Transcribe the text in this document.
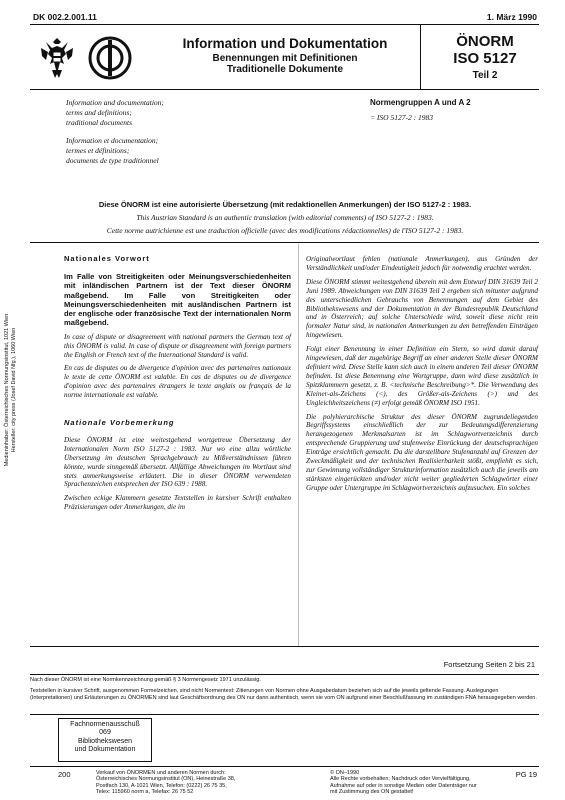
DK 002.2.001.11	1. März 1990
Information und Dokumentation
Benennungen mit Definitionen
Traditionelle Dokumente
ÖNORM
ISO 5127
Teil 2
Information and documentation;
terms and definitions;
traditional documents
Information et documentation;
termes et définitions;
documents de type traditionnel
Normengruppen A und A 2
= ISO 5127-2 : 1983
Diese ÖNORM ist eine autorisierte Übersetzung (mit redaktionellen Anmerkungen) der ISO 5127-2 : 1983.
This Austrian Standard is an authentic translation (with editorial comments) of ISO 5127-2 : 1983.
Cette norme autrichienne est une traduction officielle (avec des modifications rédactionnelles) de l'ISO 5127-2 : 1983.
Medieninhaber: Österreichisches Normungsinstitut, 1021 Wien Hersteller: city press (Josef David Nfg.), 1060 Wien
Nationales Vorwort

Im Falle von Streitigkeiten oder Meinungsverschiedenheiten mit inländischen Partnern ist der Text dieser ÖNORM maßgebend. Im Falle von Streitigkeiten oder Meinungsverschiedenheiten mit ausländischen Partnern ist der englische oder französische Text der internationalen Norm maßgebend.

In case of dispute or disagreement with national partners the German text of this ÖNORM is valid. In case of dispute or disagreement with foreign partners the English or French text of the International Standard is valid.

En cas de disputes ou de divergence d'opinion avec des partenaires nationaux le texte de cette ÖNORM est valable. En cas de disputes ou de divergence d'opinion avec des partenaires étrangers le texte anglais ou français de la norme internationale est valable.

Nationale Vorbemerkung

Diese ÖNORM ist eine weitestgehend wortgetreue Übersetzung der Internationalen Norm ISO 5127-2 : 1983. Nur wo eine allzu wörtliche Übersetzung im deutschen Sprachgebrauch zu Mißverständnissen führen könnte, wurde sinngemäß übersetzt. Allfällige Abweichungen im Wortlaut sind stets anmerkungsweise erläutert. Die in dieser ÖNORM verwendeten Sprachenzeichen entsprechen der ISO 639 : 1988.

Zwischen eckige Klammern gesetzte Textstellen in kursiver Schrift enthalten Präzisierungen oder Anmerkungen, die im

Originalwortlaut fehlen (nationale Anmerkungen), aus Gründen der Verständlichkeit und/oder Eindeutigkeit jedoch für notwendig erachtet werden.

Diese ÖNORM stimmt weitestgehend überein mit dem Entwurf DIN 31639 Teil 2 Juni 1989. Abweichungen von DIN 31639 Teil 2 ergeben sich mitunter aufgrund des unterschiedlichen Gebrauchs von Benennungen auf dem Gebiet des Bibliothekswesens und der Dokumentation in der Bundesrepublik Deutschland und in Österreich; auf solche Unterschiede wird, soweit diese nicht rein formaler Natur sind, in nationalen Anmerkungen zu den betreffenden Einträgen hingewiesen.

Folgt einer Benennung in einer Definition ein Stern, so wird damit darauf hingewiesen, daß der zugehörige Begriff an einer anderen Stelle dieser ÖNORM definiert wird. Diese Stelle kann sich auch in einem anderen Teil dieser ÖNORM befinden. Ist diese Benennung eine Wortgruppe, dann wird diese zusätzlich in Spitzklammern gesetzt, z. B. <technische Beschreibung>*. Die Verwendung des Kleiner-als-Zeichens (<), des Größer-als-Zeichens (>) und des Ungleichheitszeichens (≠) erfolgt gemäß ÖNORM ISO 1951.

Die polyhierarchische Struktur des dieser ÖNORM zugrundeliegenden Begriffssystems einschließlich der zur Bedeutungsdifferenzierung herangezogenen Merkmalsarten ist im Schlagwortverzeichnis durch entsprechende Gruppierung und stufenweise Einrückung der deutschsprachigen Einträge ersichtlich gemacht. Da die darstellbare Stufenanzahl auf Grenzen der Zweckmäßigkeit und der technischen Realisierbarkeit stößt, empfiehlt es sich, zur Gewinnung vollständiger Strukturinformation zusätzlich auch die jeweils am stärksten eingerückten und/oder nicht weiter gegliederten Schlagwörter einer Gruppe oder Untergruppe im Schlagwortverzeichnis aufzusuchen. Ein solches

Fortsetzung Seiten 2 bis 21
Nach dieser ÖNORM ist eine Normkennzeichnung gemäß § 3 Normengesetz 1971 unzulässig.
Textstellen in kursiver Schrift, ausgenommen Formelzeichen, sind nicht Normentext: Zitierungen von Normen ohne Ausgabedatum beziehen sich auf die jeweils geltende Fassung. Auslegungen (Interpretationen) und Erläuterungen zu ÖNORMEN sind laut Geschäftsordnung des ON nur dann authentisch, wenn sie vom ON aufgrund einer Beschlußfassung im zuständigen FNA herausgegeben werden.
Fachnormenausschuß
069
Bibliothekswesen
und Dokumentation
200	Verkauf von ÖNORMEN und anderen Normen durch:
Österreichisches Normungsinstitut (ON), Heinestraße 38,
Postfach 130, A-1021 Wien, Telefon: (0222) 26 75 35,
Telex: 115960 norm a, Telefax: 26 75 52
© ON–1990
Alle Rechte vorbehalten; Nachdruck oder Vervielfältigung, Aufnahme auf oder in sonstige Medien oder Datenträger nur mit Zustimmung des ON gestattet!
PG 19
